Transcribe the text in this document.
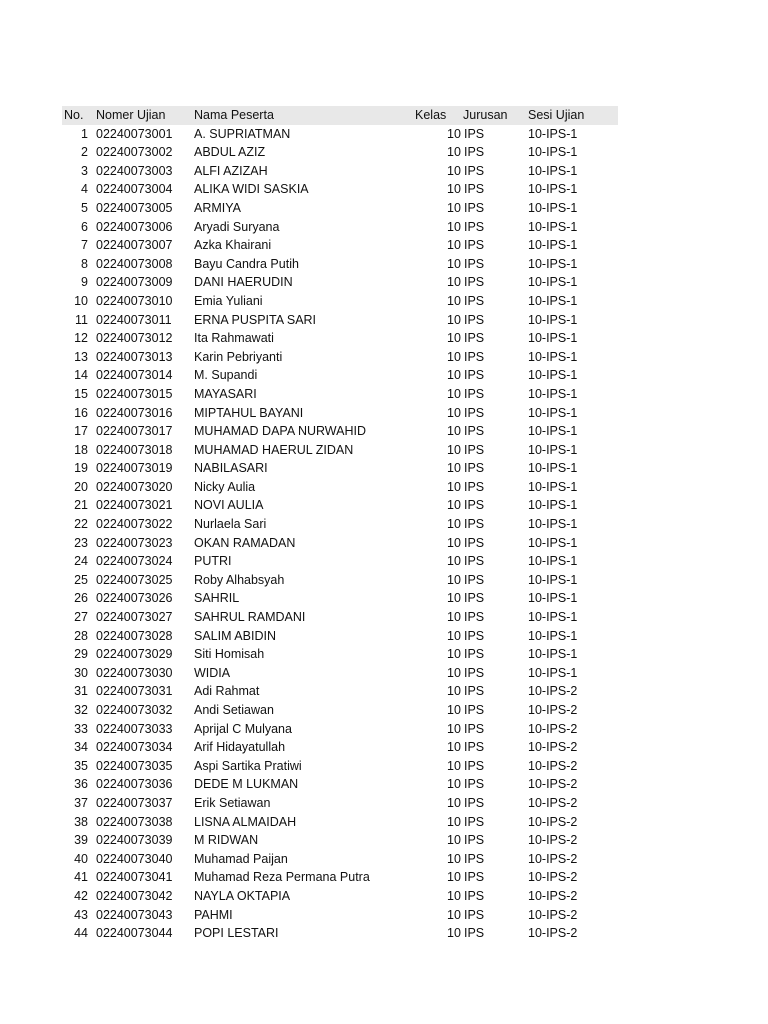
No. Nomer Ujian Nama Peserta	Kelas Jurusan Sesi Ujian
1 02240073001 A. SUPRIATMAN	10 IPS	10-IPS-1
2 02240073002 ABDUL AZIZ	10 IPS	10-IPS-1
3 02240073003 ALFI AZIZAH	10 IPS	10-IPS-1
4 02240073004 ALIKA WIDI SASKIA	10 IPS	10-IPS-1
5 02240073005 ARMIYA	10 IPS	10-IPS-1
6 02240073006 Aryadi Suryana	10 IPS	10-IPS-1
7 02240073007 Azka Khairani	10 IPS	10-IPS-1
8 02240073008 Bayu Candra Putih	10 IPS	10-IPS-1
9 02240073009 DANI HAERUDIN	10 IPS	10-IPS-1
10 02240073010 Emia Yuliani	10 IPS	10-IPS-1
11 02240073011 ERNA PUSPITA SARI	10 IPS	10-IPS-1
12 02240073012 Ita Rahmawati	10 IPS	10-IPS-1
13 02240073013 Karin Pebriyanti	10 IPS	10-IPS-1
14 02240073014 M. Supandi	10 IPS	10-IPS-1
15 02240073015 MAYASARI	10 IPS	10-IPS-1
16 02240073016 MIPTAHUL BAYANI	10 IPS	10-IPS-1
17 02240073017 MUHAMAD DAPA NURWAHID	10 IPS	10-IPS-1
18 02240073018 MUHAMAD HAERUL ZIDAN	10 IPS	10-IPS-1
19 02240073019 NABILASARI	10 IPS	10-IPS-1
20 02240073020 Nicky Aulia	10 IPS	10-IPS-1
21 02240073021 NOVI AULIA	10 IPS	10-IPS-1
22 02240073022 Nurlaela Sari	10 IPS	10-IPS-1
23 02240073023 OKAN RAMADAN	10 IPS	10-IPS-1
24 02240073024 PUTRI	10 IPS	10-IPS-1
25 02240073025 Roby Alhabsyah	10 IPS	10-IPS-1
26 02240073026 SAHRIL	10 IPS	10-IPS-1
27 02240073027 SAHRUL RAMDANI	10 IPS	10-IPS-1
28 02240073028 SALIM ABIDIN	10 IPS	10-IPS-1
29 02240073029 Siti Homisah	10 IPS	10-IPS-1
30 02240073030 WIDIA	10 IPS	10-IPS-1
31 02240073031 Adi Rahmat	10 IPS	10-IPS-2
32 02240073032 Andi Setiawan	10 IPS	10-IPS-2
33 02240073033 Aprijal C Mulyana	10 IPS	10-IPS-2
34 02240073034 Arif Hidayatullah	10 IPS	10-IPS-2
35 02240073035 Aspi Sartika Pratiwi	10 IPS	10-IPS-2
36 02240073036 DEDE M LUKMAN	10 IPS	10-IPS-2
37 02240073037 Erik Setiawan	10 IPS	10-IPS-2
38 02240073038 LISNA ALMAIDAH	10 IPS	10-IPS-2
39 02240073039 M RIDWAN	10 IPS	10-IPS-2
40 02240073040 Muhamad Paijan	10 IPS	10-IPS-2
41 02240073041 Muhamad Reza Permana Putra	10 IPS	10-IPS-2
42 02240073042 NAYLA OKTAPIA	10 IPS	10-IPS-2
43 02240073043 PAHMI	10 IPS	10-IPS-2
44 02240073044 POPI LESTARI	10 IPS	10-IPS-2
